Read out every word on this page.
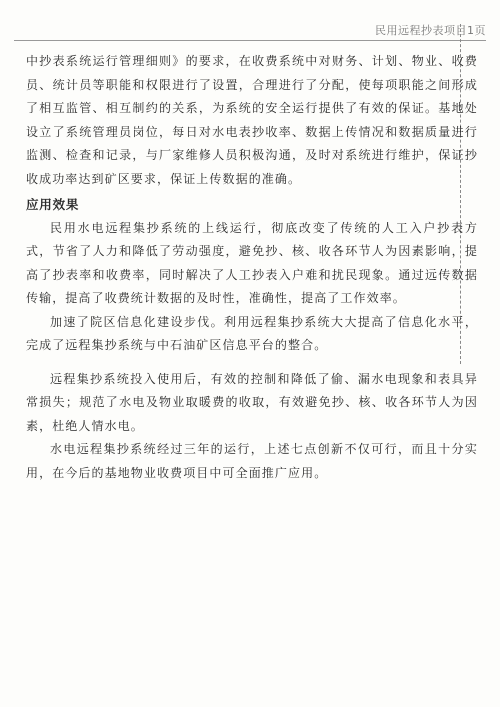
民用远程抄表项目1页

中抄表系统运行管理细则》的要求，在收费系统中对财务、计划、物业、收费员、统计员等职能和权限进行了设置，合理进行了分配，使每项职能之间形成了相互监管、相互制约的关系，为系统的安全运行提供了有效的保证。基地处设立了系统管理员岗位，每日对水电表抄收率、数据上传情况和数据质量进行监测、检查和记录，与厂家维修人员积极沟通，及时对系统进行维护，保证抄收成功率达到矿区要求，保证上传数据的准确。

应用效果

民用水电远程集抄系统的上线运行，彻底改变了传统的人工入户抄表方式，节省了人力和降低了劳动强度，避免抄、核、收各环节人为因素影响，提高了抄表率和收费率，同时解决了人工抄表入户难和扰民现象。通过远传数据传输，提高了收费统计数据的及时性，准确性，提高了工作效率。

加速了院区信息化建设步伐。利用远程集抄系统大大提高了信息化水平，完成了远程集抄系统与中石油矿区信息平台的整合。

远程集抄系统投入使用后，有效的控制和降低了偷、漏水电现象和表具异常损失；规范了水电及物业取暖费的收取，有效避免抄、核、收各环节人为因素，杜绝人情水电。

水电远程集抄系统经过三年的运行，上述七点创新不仅可行，而且十分实用，在今后的基地物业收费项目中可全面推广应用。
